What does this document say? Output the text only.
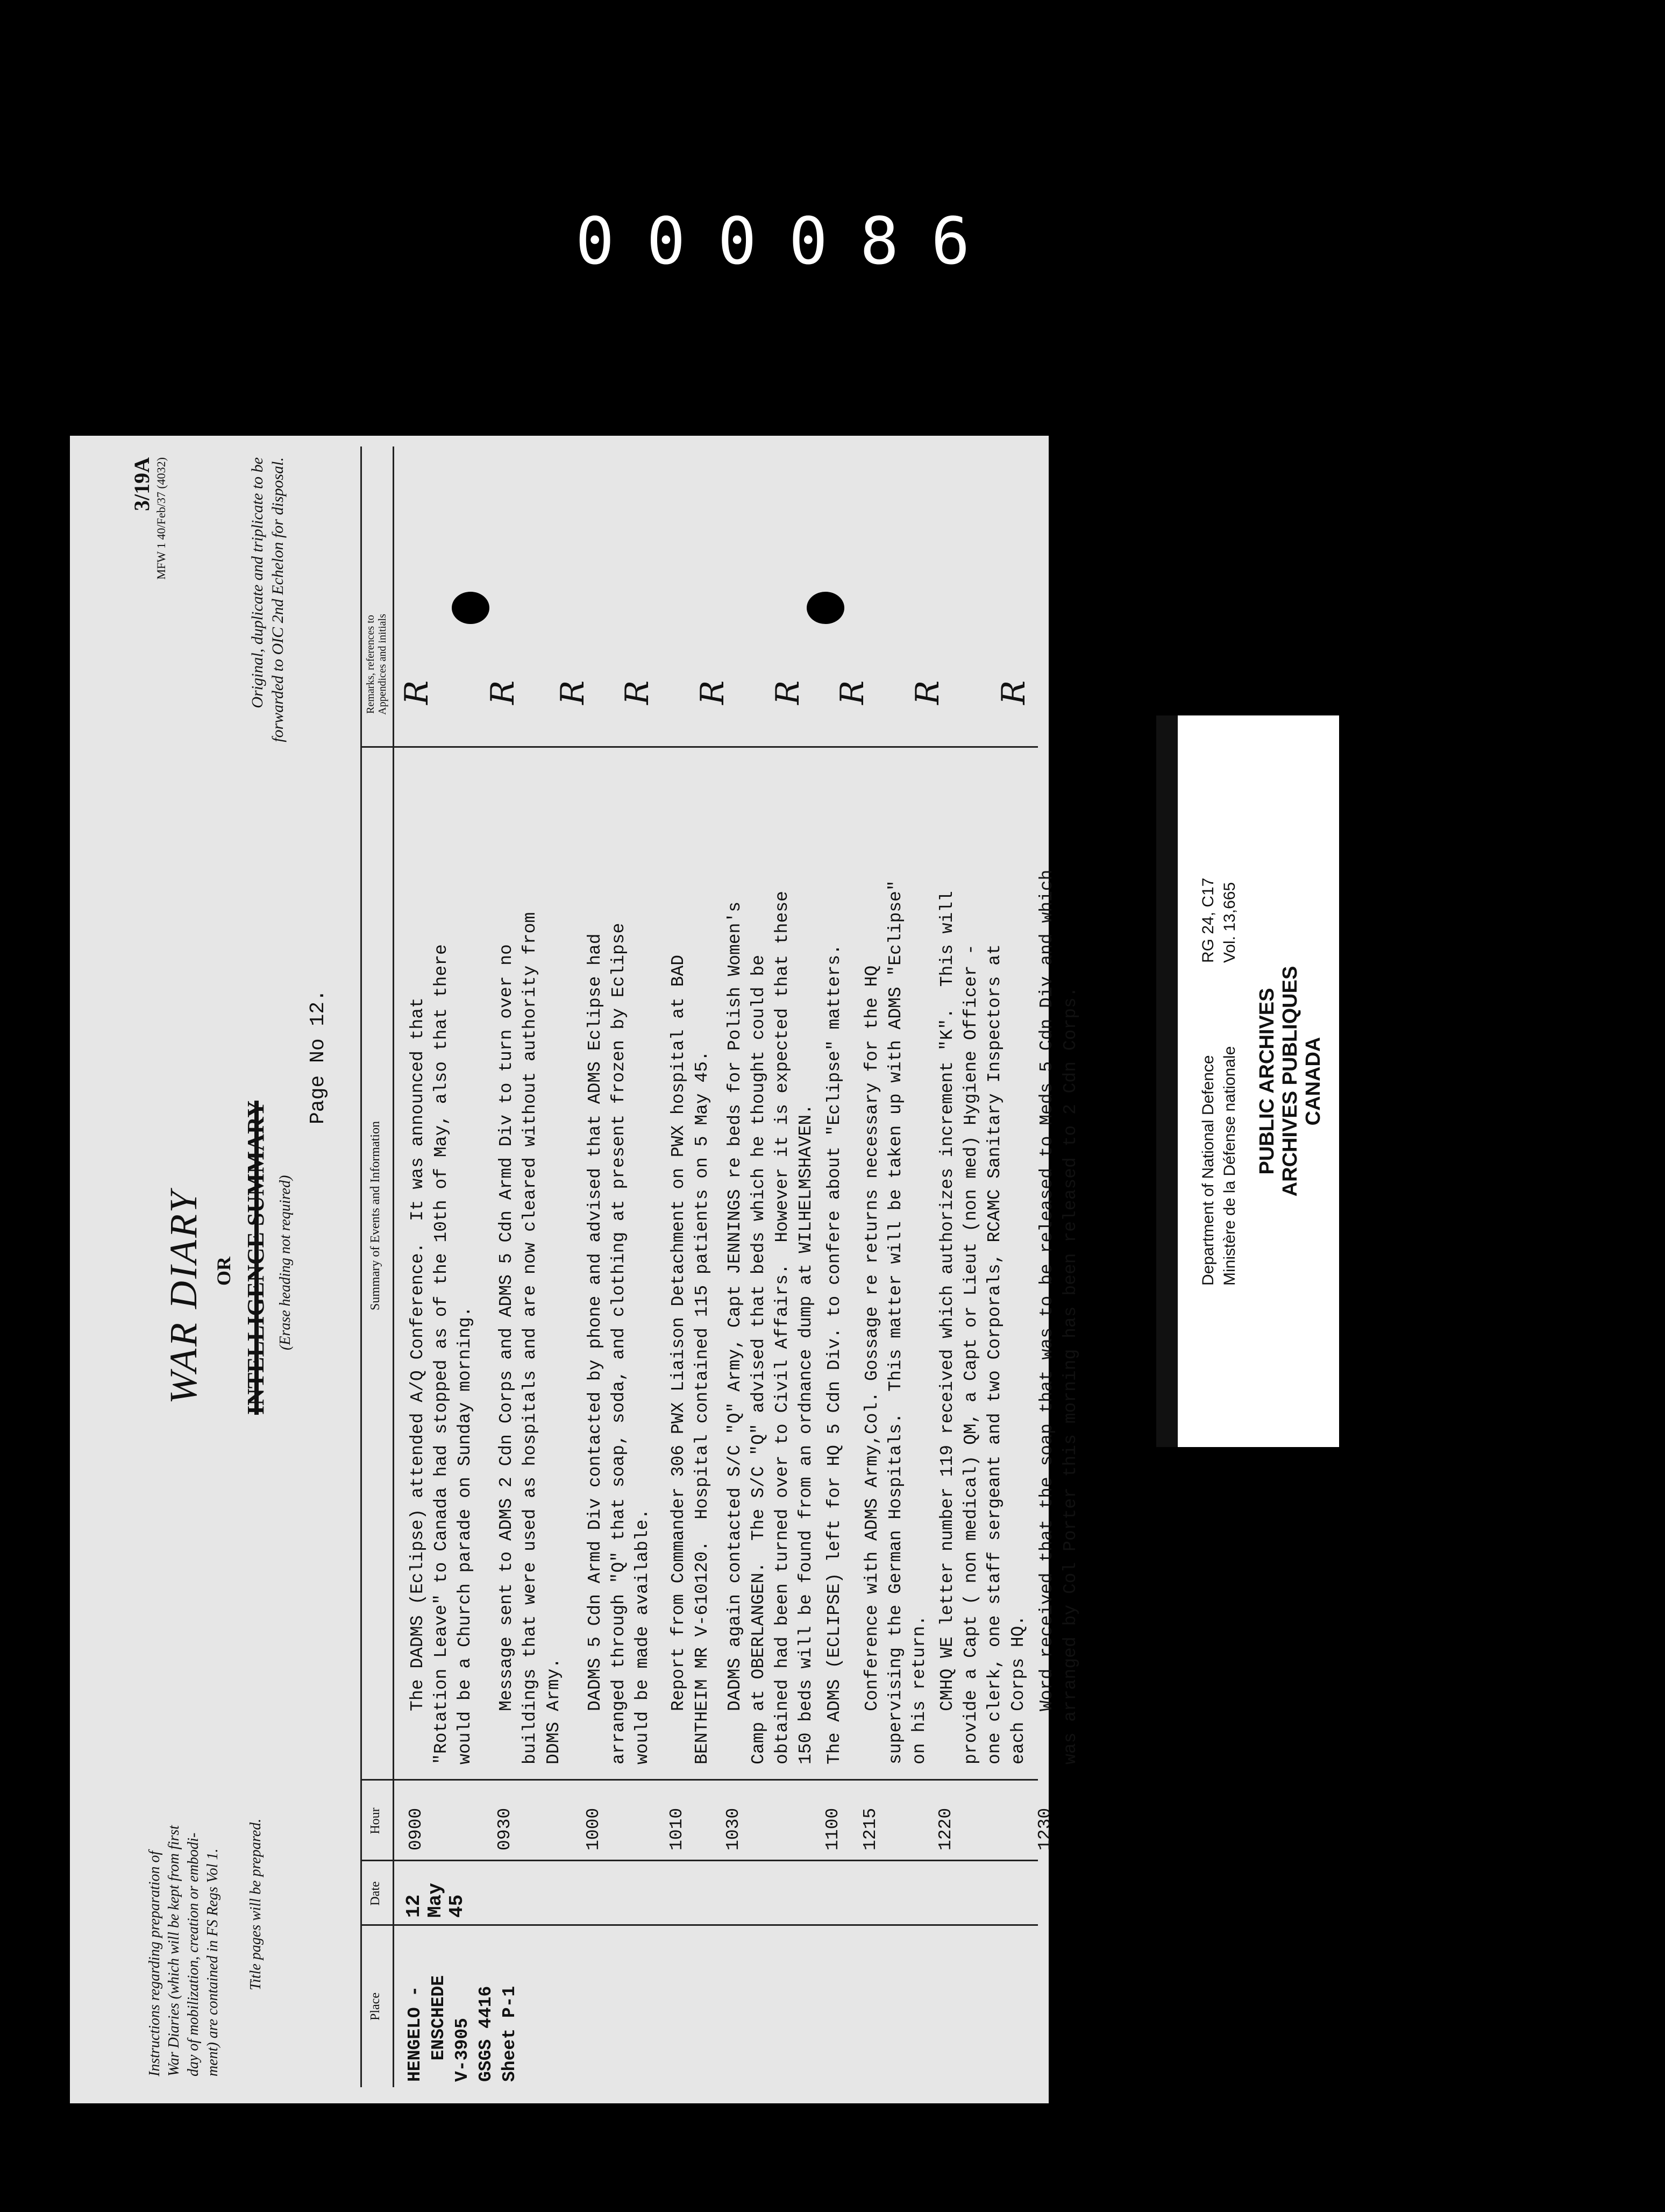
000086
Instructions regarding preparation of War Diaries (which will be kept from first day of mobilization, creation or embodi- ment) are contained in FS Regs Vol 1. Title pages will be prepared.
3/19A MFW 1 40/Feb/37 (4032)
WAR DIARY OR INTELLIGENCE SUMMARY (Erase heading not required)
Page No 12.
Original, duplicate and triplicate to be forwarded to OIC 2nd Echelon for disposal.
Place
Date
Hour
Summary of Events and Information
Remarks, references to Appendices and initials
HENGELO -
ENSCHEDE
V-3905
GSGS 4416
Sheet P-1
12
May
45
0900
The DADMS (Eclipse) attended A/Q Conference.  It was announced that
"Rotation Leave" to Canada had stopped as of the 10th of May, also that there
would be a Church parade on Sunday morning.
0930
Message sent to ADMS 2 Cdn Corps and ADMS 5 Cdn Armd Div to turn over no
buildings that were used as hospitals and are now cleared without authority from
DDMS Army.
1000
DADMS 5 Cdn Armd Div contacted by phone and advised that ADMS Eclipse had
arranged through "Q" that soap, soda, and clothing at present frozen by Eclipse
would be made available.
1010
Report from Commander 306 PWX Liaison Detachment on PWX hospital at BAD
BENTHEIM MR V-610120.  Hospital contained 115 patients on 5 May 45.
1030
DADMS again contacted S/C "Q" Army, Capt JENNINGS re beds for Polish Women's
Camp at OBERLANGEN.  The S/C "Q" advised that beds which he thought could be
obtained had been turned over to Civil Affairs.  However it is expected that these
150 beds will be found from an ordnance dump at WILHELMSHAVEN.
1100
The ADMS (ECLIPSE) left for HQ 5 Cdn Div. to confere about "Eclipse" matters.
1215
Conference with ADMS Army,Col. Gossage re returns necessary for the HQ
supervising the German Hospitals.  This matter will be taken up with ADMS "Eclipse"
on his return.
1220
CMHQ WE letter number 119 received which authorizes increment "K".  This will
provide a Capt ( non medical) QM, a Capt or Lieut (non med) Hygiene Officer -
one clerk, one staff sergeant and two Corporals, RCAMC Sanitary Inspectors at
each Corps HQ.
1230
R R R R R R R R R
Word received that the soap that was to be released to Meds 5 Cdn Div and which
was arranged by Col Porter this morning has been released to 2 Cdn Corps.
Department of National Defence Ministère de la Défense nationale
RG 24, C17 Vol. 13,665
PUBLIC ARCHIVES ARCHIVES PUBLIQUES CANADA
